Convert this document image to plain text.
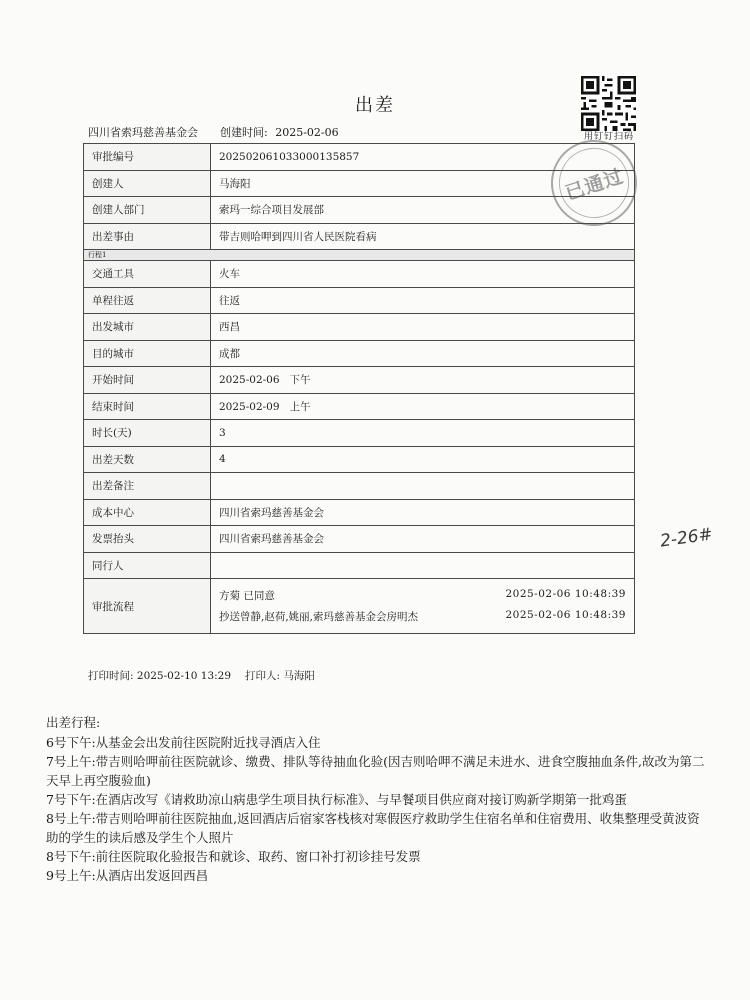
出差
四川省索玛慈善基金会 创建时间: 2025-02-06	用钉钉扫码
已通过
审批编号	202502061033000135857
创建人	马海阳
创建人部门	索玛一综合项目发展部
出差事由	带吉则哈呷到四川省人民医院看病
行程1	
交通工具	火车
单程往返	往返
出发城市	西昌
目的城市	成都
开始时间	2025-02-06   下午
结束时间	2025-02-09   上午
时长(天)	3
出差天数	4
出差备注	
成本中心	四川省索玛慈善基金会
发票抬头	四川省索玛慈善基金会
同行人	
审批流程	方菊 已同意 2025-02-06 10:48:39
抄送曾静,赵荷,姚丽,索玛慈善基金会房明杰 2025-02-06 10:48:39
2-26#
打印时间: 2025-02-10 13:29 打印人: 马海阳
出差行程:
6号下午:从基金会出发前往医院附近找寻酒店入住
7号上午:带吉则哈呷前往医院就诊、缴费、排队等待抽血化验(因吉则哈呷不满足未进水、进食空腹抽血条件,故改为第二天早上再空腹验血)
7号下午:在酒店改写《请救助凉山病患学生项目执行标准》、与早餐项目供应商对接订购新学期第一批鸡蛋
8号上午:带吉则哈呷前往医院抽血,返回酒店后宿家客栈核对寒假医疗救助学生住宿名单和住宿费用、收集整理受黄波资助的学生的读后感及学生个人照片
8号下午:前往医院取化验报告和就诊、取药、窗口补打初诊挂号发票
9号上午:从酒店出发返回西昌
